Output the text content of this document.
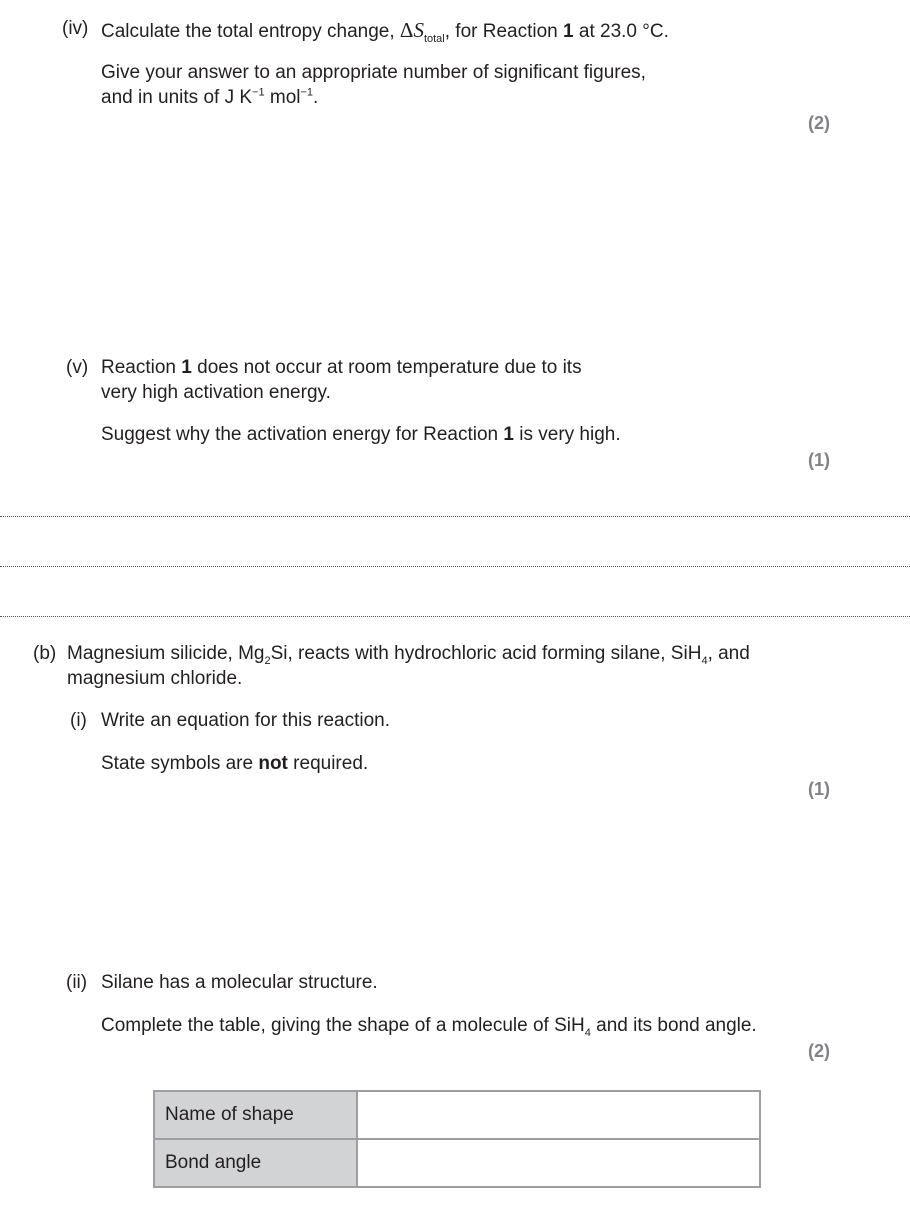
(iv) Calculate the total entropy change, $\Delta S_{total}$, for Reaction 1 at 23.0 °C.
Give your answer to an appropriate number of significant figures,
and in units of J $K^{-1}$ mol$^{-1}$.
(2)
(v) Reaction 1 does not occur at room temperature due to its
very high activation energy.
Suggest why the activation energy for Reaction 1 is very high.
(1)
(b) Magnesium silicide, $Mg_2Si$, reacts with hydrochloric acid forming silane, SiH$_4$, and
magnesium chloride.
(i) Write an equation for this reaction.
State symbols are not required.
(1)
(ii) Silane has a molecular structure.
Complete the table, giving the shape of a molecule of SiH$_4$ and its bond angle.
(2)
Name of shape	
Bond angle	
